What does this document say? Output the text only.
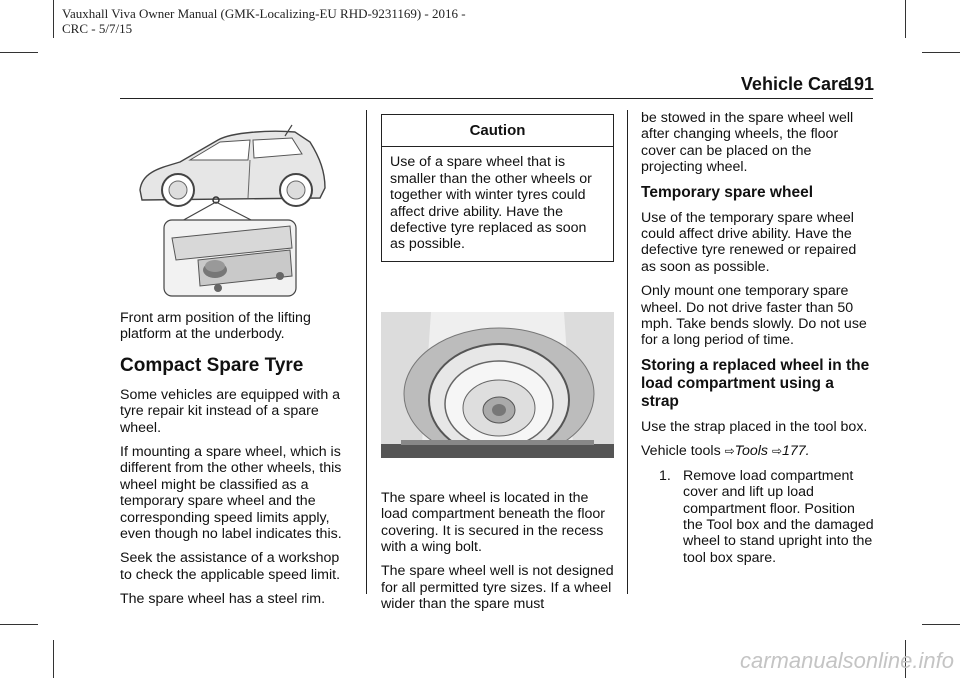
Vauxhall Viva Owner Manual (GMK-Localizing-EU RHD-9231169) - 2016 -
CRC - 5/7/15
Vehicle Care
191

Front arm position of the lifting platform at the underbody.

Compact Spare Tyre

Some vehicles are equipped with a tyre repair kit instead of a spare wheel.

If mounting a spare wheel, which is different from the other wheels, this wheel might be classified as a temporary spare wheel and the corresponding speed limits apply, even though no label indicates this.

Seek the assistance of a workshop to check the applicable speed limit.

The spare wheel has a steel rim.

Caution
Use of a spare wheel that is smaller than the other wheels or together with winter tyres could affect drive ability. Have the defective tyre replaced as soon as possible.

The spare wheel is located in the load compartment beneath the floor covering. It is secured in the recess with a wing bolt.

The spare wheel well is not designed for all permitted tyre sizes. If a wheel wider than the spare must

be stowed in the spare wheel well after changing wheels, the floor cover can be placed on the projecting wheel.

Temporary spare wheel

Use of the temporary spare wheel could affect drive ability. Have the defective tyre renewed or repaired as soon as possible.

Only mount one temporary spare wheel. Do not drive faster than 50 mph. Take bends slowly. Do not use for a long period of time.

Storing a replaced wheel in the load compartment using a strap

Use the strap placed in the tool box.

Vehicle tools ⇨Tools ⇨177.

1. Remove load compartment cover and lift up load compartment floor. Position the Tool box and the damaged wheel to stand upright into the tool box spare.
carmanualsonline.info
